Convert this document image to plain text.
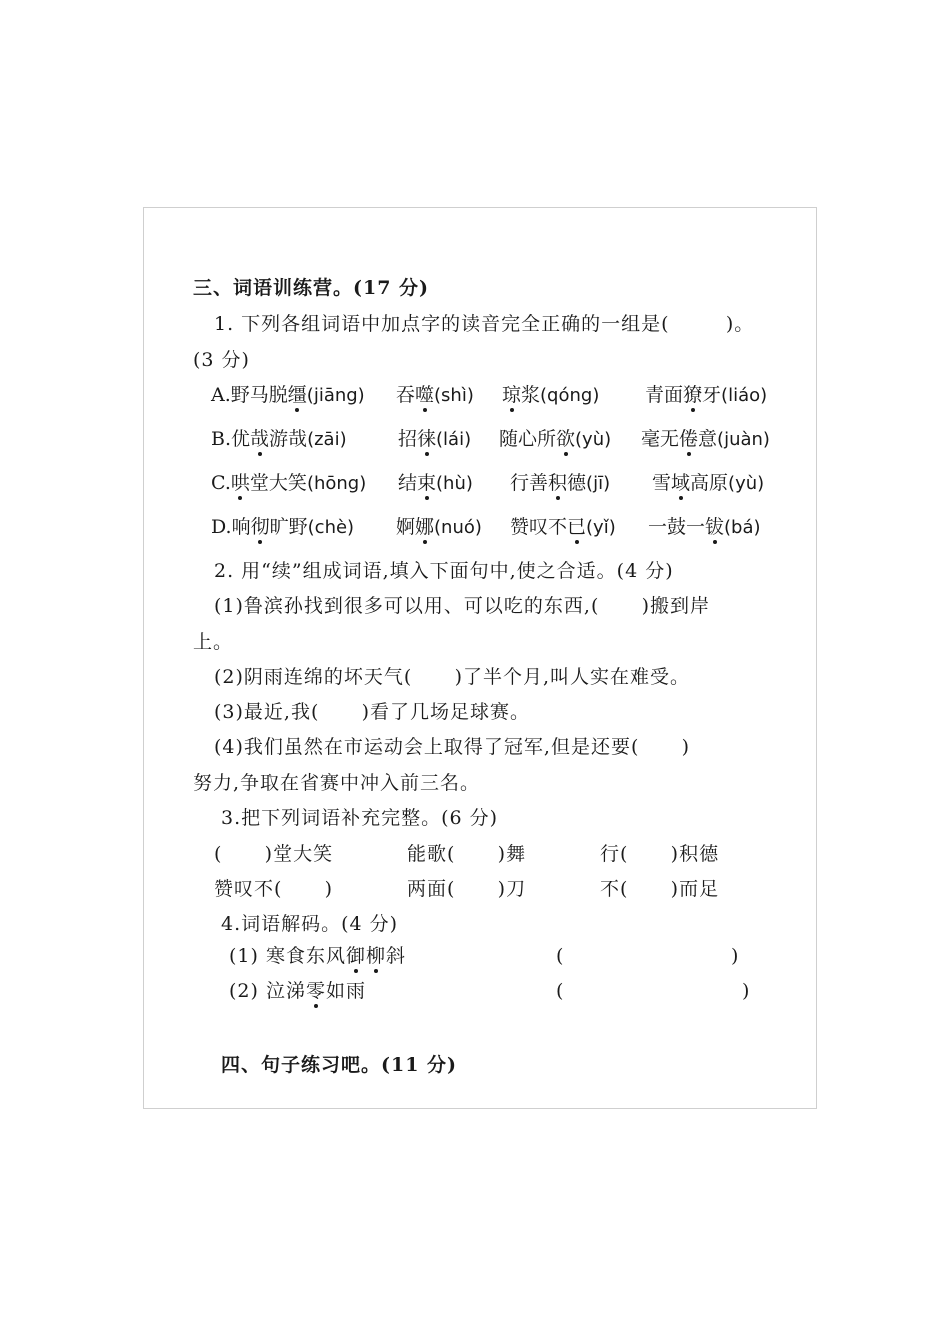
三、词语训练营。(17 分)
1. 下列各组词语中加点字的读音完全正确的一组是(        )。
(3 分)
A.野马脱缰(jiāng) 吞噬(shì) 琼浆(qóng) 青面獠牙(liáo)
B.优哉游哉(zāi)	招徕(lái) 随心所欲(yù) 毫无倦意(juàn)
C.哄堂大笑(hōng) 结束(hù) 行善积德(jī) 雪域高原(yù)
D.响彻旷野(chè) 婀娜(nuó) 赞叹不已(yǐ) 一鼓一钹(bá)
2. 用“续”组成词语,填入下面句中,使之合适。(4 分)
(1)鲁滨孙找到很多可以用、可以吃的东西,(      )搬到岸
上。
(2)阴雨连绵的坏天气(      )了半个月,叫人实在难受。
(3)最近,我(      )看了几场足球赛。
(4)我们虽然在市运动会上取得了冠军,但是还要(      )
努力,争取在省赛中冲入前三名。
3.把下列词语补充完整。(6 分)
(      )堂大笑	能歌(      )舞	行(      )积德
赞叹不(      )	两面(      )刀	不(      )而足
4.词语解码。(4 分)
(1) 寒食东风御柳斜	(	)
(2) 泣涕零如雨	(	)
四、句子练习吧。(11 分)
